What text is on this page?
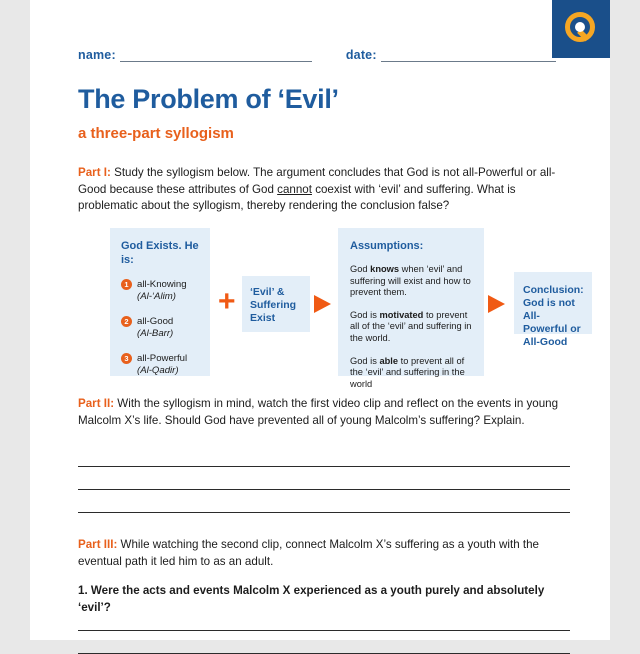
name:	date:
The Problem of ‘Evil’
a three-part syllogism
Part I: Study the syllogism below. The argument concludes that God is not all-Powerful or all-Good because these attributes of God cannot coexist with ‘evil’ and suffering. What is problematic about the syllogism, thereby rendering the conclusion false?
God Exists. He is:
1 all-Knowing
(Al-‘Alim)
2 all-Good
(Al-Barr)
3 all-Powerful
(Al-Qadir)
+	‘Evil’ & Suffering Exist
Assumptions:
God knows when ‘evil’ and suffering will exist and how to prevent them.
God is motivated to prevent all of the ‘evil’ and suffering in the world.
God is able to prevent all of the ‘evil’ and suffering in the world
Conclusion: God is not All-Powerful or All-Good
Part II: With the syllogism in mind, watch the first video clip and reflect on the events in young Malcolm X’s life. Should God have prevented all of young Malcolm’s suffering? Explain.
Part III: While watching the second clip, connect Malcolm X’s suffering as a youth with the eventual path it led him to as an adult.
1. Were the acts and events Malcolm X experienced as a youth purely and absolutely ‘evil’?
